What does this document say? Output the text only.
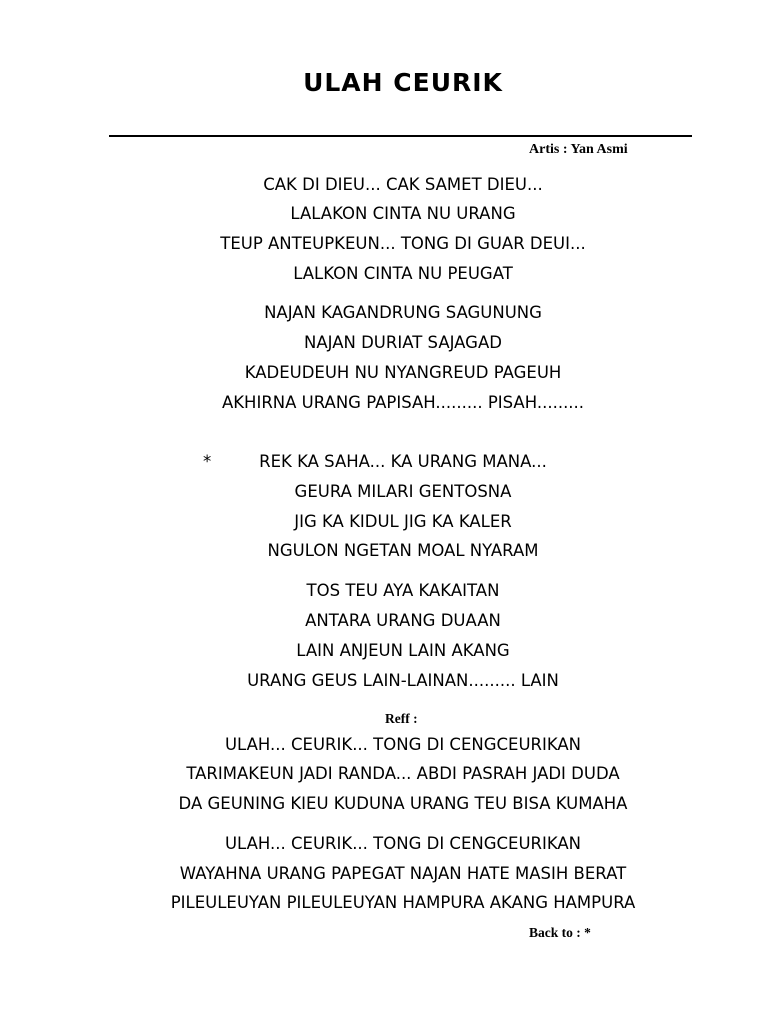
ULAH CEURIK
Artis : Yan Asmi

CAK DI DIEU... CAK SAMET DIEU...

LALAKON CINTA NU URANG

TEUP ANTEUPKEUN... TONG DI GUAR DEUI...

LALKON CINTA NU PEUGAT

NAJAN KAGANDRUNG SAGUNUNG

NAJAN DURIAT SAJAGAD

KADEUDEUH NU NYANGREUD PAGEUH

AKHIRNA URANG PAPISAH......... PISAH.........

*	REK KA SAHA... KA URANG MANA...

GEURA MILARI GENTOSNA

JIG KA KIDUL JIG KA KALER

NGULON NGETAN MOAL NYARAM

TOS TEU AYA KAKAITAN

ANTARA URANG DUAAN

LAIN ANJEUN LAIN AKANG

URANG GEUS LAIN-LAINAN......... LAIN

Reff :

ULAH... CEURIK... TONG DI CENGCEURIKAN

TARIMAKEUN JADI RANDA... ABDI PASRAH JADI DUDA

DA GEUNING KIEU KUDUNA URANG TEU BISA KUMAHA

ULAH... CEURIK... TONG DI CENGCEURIKAN

WAYAHNA URANG PAPEGAT NAJAN HATE MASIH BERAT

PILEULEUYAN PILEULEUYAN HAMPURA AKANG HAMPURA

Back to : *
